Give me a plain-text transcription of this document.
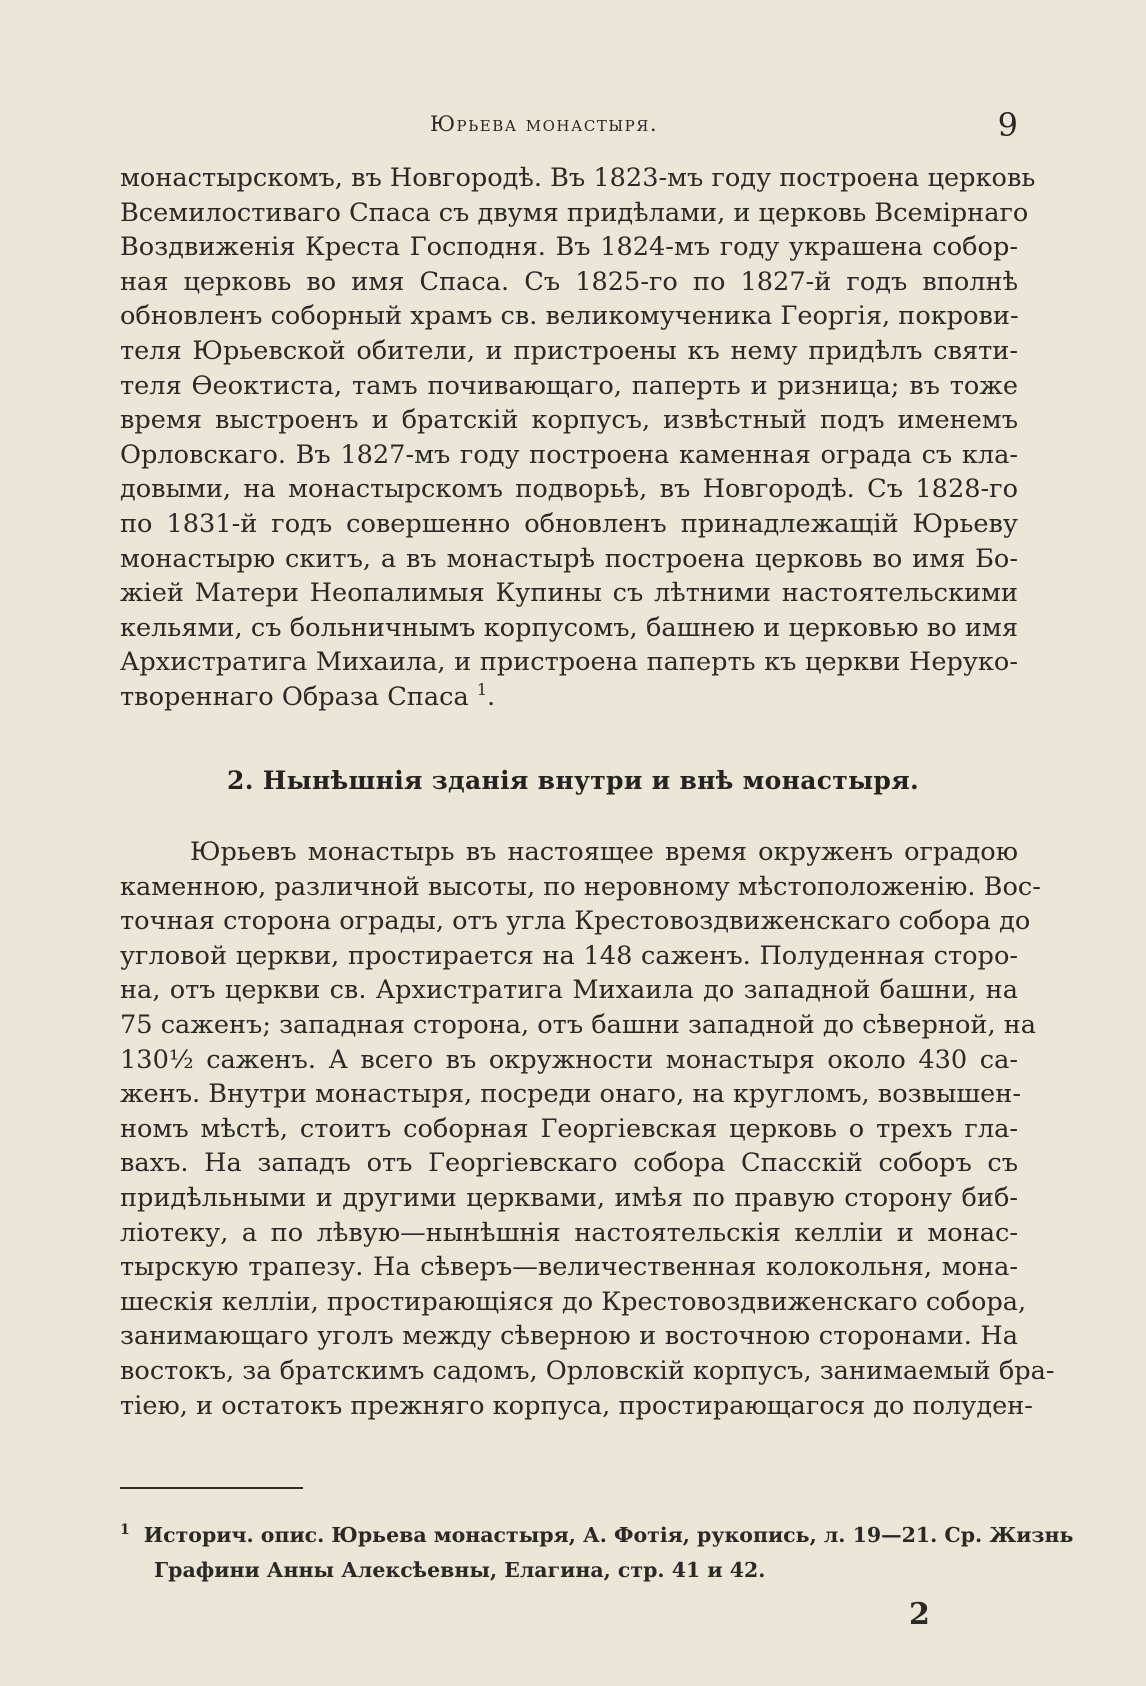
Юрьева монастыря.	9
монастырскомъ, въ Новгородѣ. Въ 1823-мъ году построена церковь
Всемилостиваго Спаса съ двумя придѣлами, и церковь Всемірнаго
Воздвиженія Креста Господня. Въ 1824-мъ году украшена собор-
ная церковь во имя Спаса. Съ 1825-го по 1827-й годъ вполнѣ
обновленъ соборный храмъ св. великомученика Георгія, покрови-
теля Юрьевской обители, и пристроены къ нему придѣлъ святи-
теля Ѳеоктиста, тамъ почивающаго, паперть и ризница; въ тоже
время выстроенъ и братскій корпусъ, извѣстный подъ именемъ
Орловскаго. Въ 1827-мъ году построена каменная ограда съ кла-
довыми, на монастырскомъ подворьѣ, въ Новгородѣ. Съ 1828-го
по 1831-й годъ совершенно обновленъ принадлежащій Юрьеву
монастырю скитъ, а въ монастырѣ построена церковь во имя Бо-
жіей Матери Неопалимыя Купины съ лѣтними настоятельскими
кельями, съ больничнымъ корпусомъ, башнею и церковью во имя
Архистратига Михаила, и пристроена паперть къ церкви Нерукo-
твореннаго Образа Спаса $^1$.
2. Нынѣшнія зданія внутри и внѣ монастыря.
Юрьевъ монастырь въ настоящее время окруженъ оградою
каменною, различной высоты, по неровному мѣстоположенію. Вос-
точная сторона ограды, отъ угла Крестовоздвиженскаго собора до
угловой церкви, простирается на 148 саженъ. Полуденная сторо-
на, отъ церкви св. Архистратига Михаила до западной башни, на
75 саженъ; западная сторона, отъ башни западной до сѣверной, на
130½ саженъ. А всего въ окружности монастыря около 430 са-
женъ. Внутри монастыря, посреди онаго, на кругломъ, возвышен-
номъ мѣстѣ, стоитъ соборная Георгіевская церковь о трехъ гла-
вахъ. На западъ отъ Георгіевскаго собора Спасскій соборъ съ
придѣльными и другими церквами, имѣя по правую сторону биб-
ліотеку, а по лѣвую—нынѣшнія настоятельскія келліи и монас-
тырскую трапезу. На сѣверъ—величественная колокольня, мона-
шескія келліи, простирающіяся до Крестовоздвиженскаго собора,
занимающаго уголъ между сѣверною и восточною сторонами. На
востокъ, за братскимъ садомъ, Орловскій корпусъ, занимаемый бра-
тіею, и остатокъ прежняго корпуса, простирающагося до полуден-
$^1$ Историч. опис. Юрьева монастыря, А. Фотія, рукопись, л. 19—21. Ср. Жизнь
Графини Анны Алексѣевны, Елагина, стр. 41 и 42.
2
